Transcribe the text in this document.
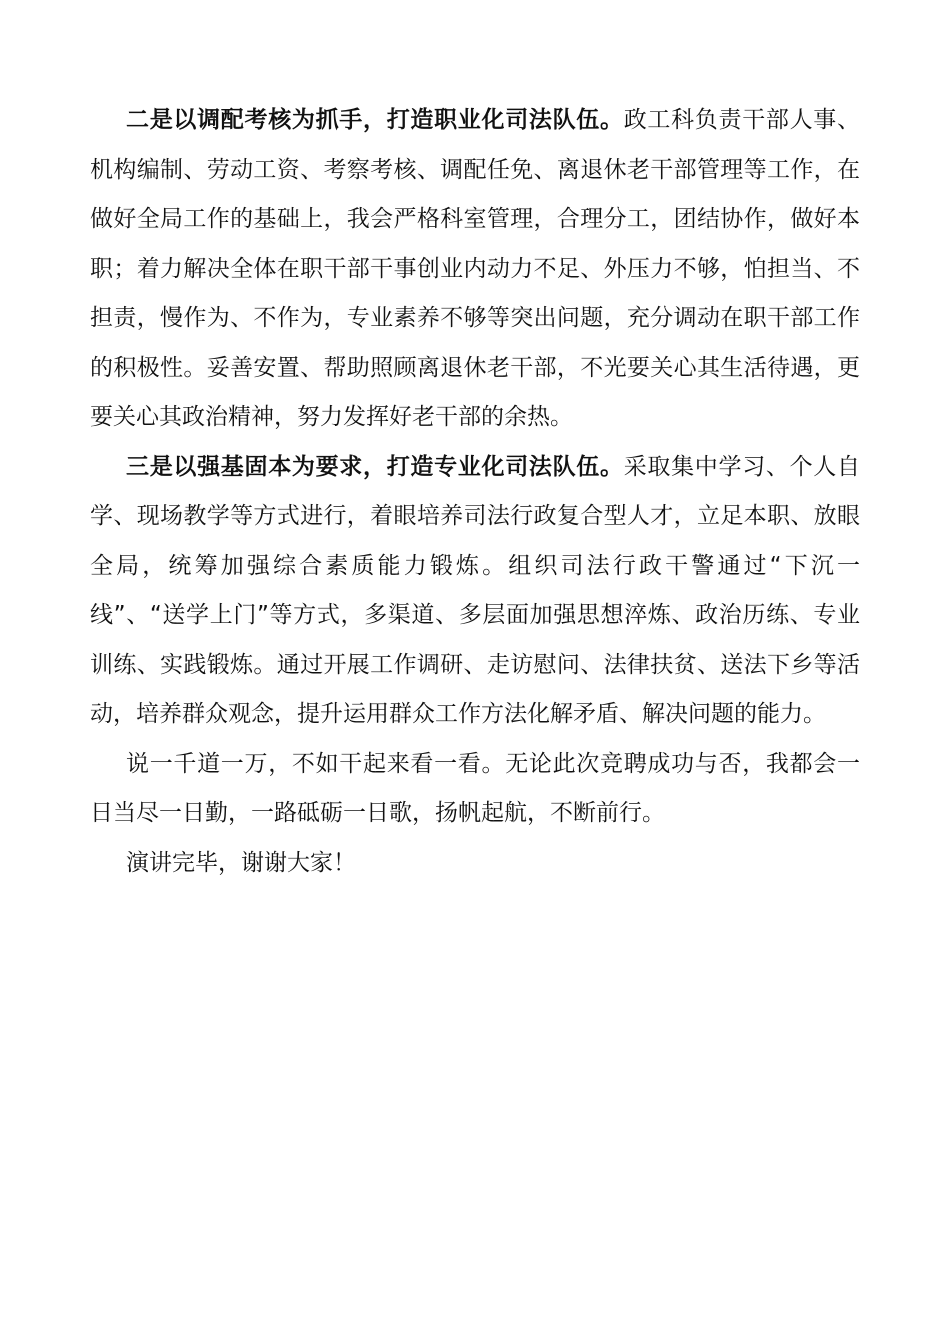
二是以调配考核为抓手，打造职业化司法队伍。政工科负责干部人事、机构编制、劳动工资、考察考核、调配任免、离退休老干部管理等工作，在做好全局工作的基础上，我会严格科室管理，合理分工，团结协作，做好本职；着力解决全体在职干部干事创业内动力不足、外压力不够，怕担当、不担责，慢作为、不作为，专业素养不够等突出问题，充分调动在职干部工作的积极性。妥善安置、帮助照顾离退休老干部，不光要关心其生活待遇，更要关心其政治精神，努力发挥好老干部的余热。

三是以强基固本为要求，打造专业化司法队伍。采取集中学习、个人自学、现场教学等方式进行，着眼培养司法行政复合型人才，立足本职、放眼全局，统筹加强综合素质能力锻炼。组织司法行政干警通过“下沉一线”、“送学上门”等方式，多渠道、多层面加强思想淬炼、政治历练、专业训练、实践锻炼。通过开展工作调研、走访慰问、法律扶贫、送法下乡等活动，培养群众观念，提升运用群众工作方法化解矛盾、解决问题的能力。

说一千道一万，不如干起来看一看。无论此次竞聘成功与否，我都会一日当尽一日勤，一路砥砺一日歌，扬帆起航，不断前行。

演讲完毕，谢谢大家！
